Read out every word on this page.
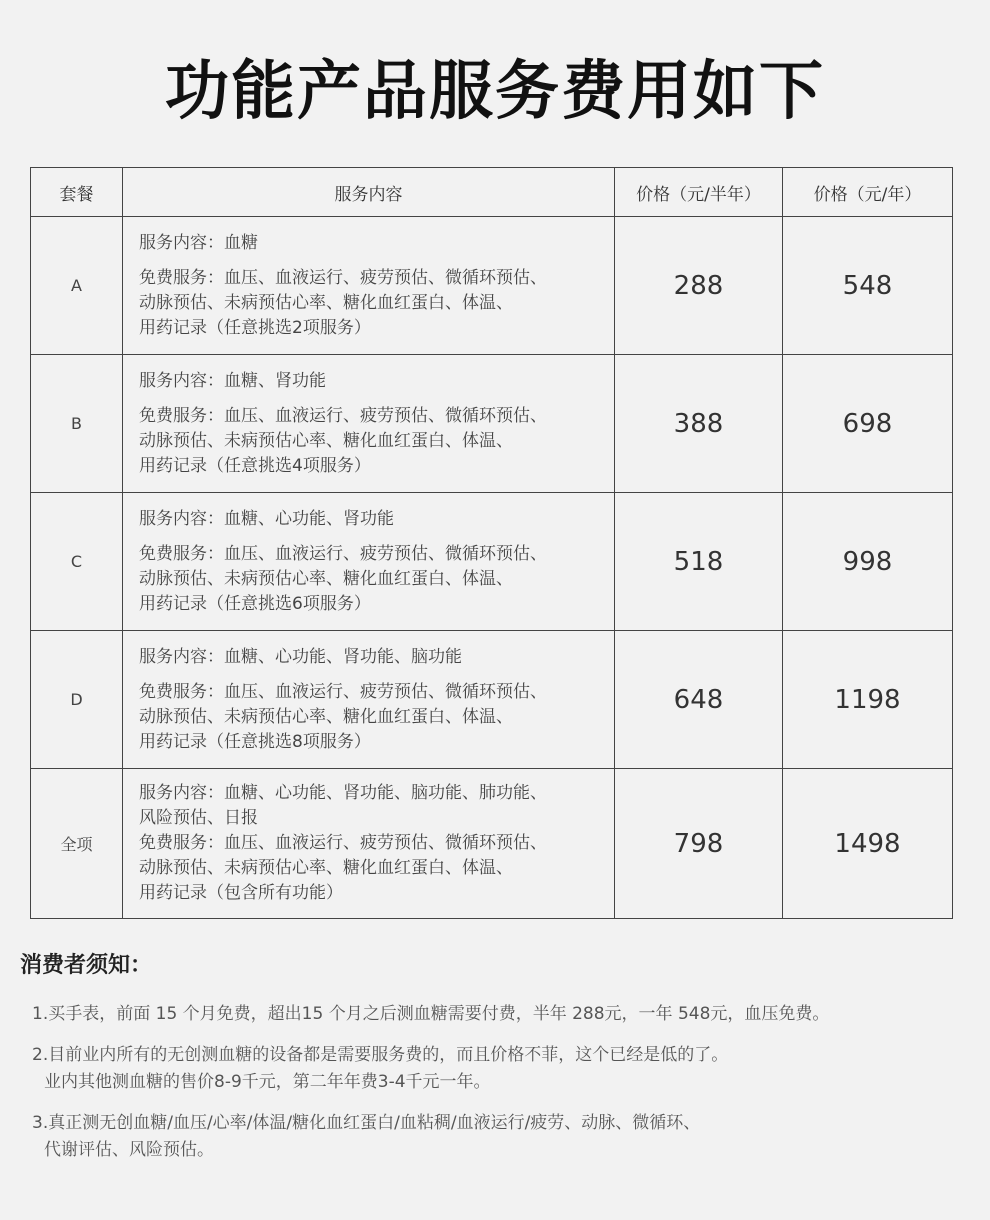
功能产品服务费用如下
套餐	服务内容	价格（元/半年）	价格（元/年）
A	服务内容：血糖

免费服务：血压、血液运行、疲劳预估、微循环预估、

动脉预估、未病预估心率、糖化血红蛋白、体温、

用药记录（任意挑选2项服务）	288	548
B	服务内容：血糖、肾功能

免费服务：血压、血液运行、疲劳预估、微循环预估、

动脉预估、未病预估心率、糖化血红蛋白、体温、

用药记录（任意挑选4项服务）	388	698
C	服务内容：血糖、心功能、肾功能

免费服务：血压、血液运行、疲劳预估、微循环预估、

动脉预估、未病预估心率、糖化血红蛋白、体温、

用药记录（任意挑选6项服务）	518	998
D	服务内容：血糖、心功能、肾功能、脑功能

免费服务：血压、血液运行、疲劳预估、微循环预估、

动脉预估、未病预估心率、糖化血红蛋白、体温、

用药记录（任意挑选8项服务）	648	1198
全项	服务内容：血糖、心功能、肾功能、脑功能、肺功能、

风险预估、日报

免费服务：血压、血液运行、疲劳预估、微循环预估、

动脉预估、未病预估心率、糖化血红蛋白、体温、

用药记录（包含所有功能）	798	1498
消费者须知：

1.买手表，前面 15 个月免费，超出15 个月之后测血糖需要付费，半年 288元，一年 548元，血压免费。

2.目前业内所有的无创测血糖的设备都是需要服务费的，而且价格不菲，这个已经是低的了。

业内其他测血糖的售价8-9千元，第二年年费3-4千元一年。

3.真正测无创血糖/血压/心率/体温/糖化血红蛋白/血粘稠/血液运行/疲劳、动脉、微循环、

代谢评估、风险预估。
